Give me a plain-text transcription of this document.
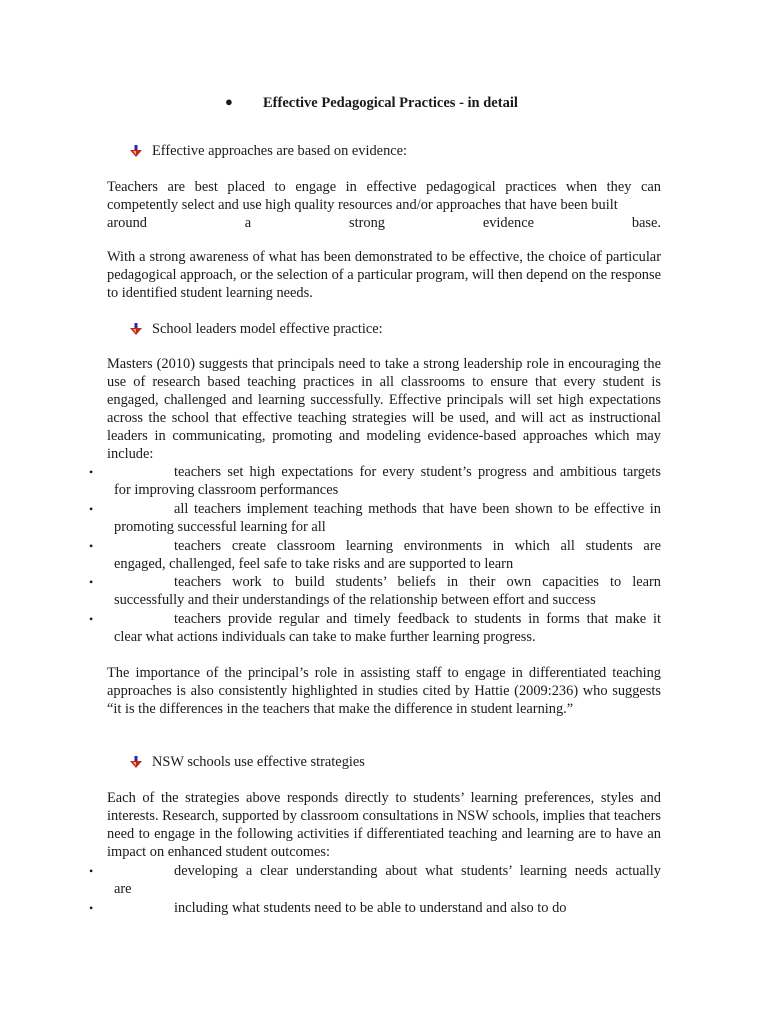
● Effective Pedagogical Practices - in detail
Effective approaches are based on evidence:
Teachers are best placed to engage in effective pedagogical practices when they can competently select and use high quality resources and/or approaches that have been built
around a strong evidence base.

With a strong awareness of what has been demonstrated to be effective, the choice of particular pedagogical approach, or the selection of a particular program, will then depend on the response to identified student learning needs.

School leaders model effective practice:

Masters (2010) suggests that principals need to take a strong leadership role in encouraging the use of research based teaching practices in all classrooms to ensure that every student is engaged, challenged and learning successfully. Effective principals will set high expectations across the school that effective teaching strategies will be used, and will act as instructional leaders in communicating, promoting and modeling evidence-based approaches which may include:

•	teachers set high expectations for every student’s progress and ambitious targets
for improving classroom performances

•	all teachers implement teaching methods that have been shown to be effective in
promoting successful learning for all

•	teachers create classroom learning environments in which all students are
engaged, challenged, feel safe to take risks and are supported to learn

•	teachers work to build students’ beliefs in their own capacities to learn
successfully and their understandings of the relationship between effort and success

•	teachers provide regular and timely feedback to students in forms that make it
clear what actions individuals can take to make further learning progress.

The importance of the principal’s role in assisting staff to engage in differentiated teaching approaches is also consistently highlighted in studies cited by Hattie (2009:236) who suggests “it is the differences in the teachers that make the difference in student learning.”

NSW schools use effective strategies

Each of the strategies above responds directly to students’ learning preferences, styles and interests. Research, supported by classroom consultations in NSW schools, implies that teachers need to engage in the following activities if differentiated teaching and learning are to have an impact on enhanced student outcomes:

•	developing a clear understanding about what students’ learning needs actually
are

•	including what students need to be able to understand and also to do
